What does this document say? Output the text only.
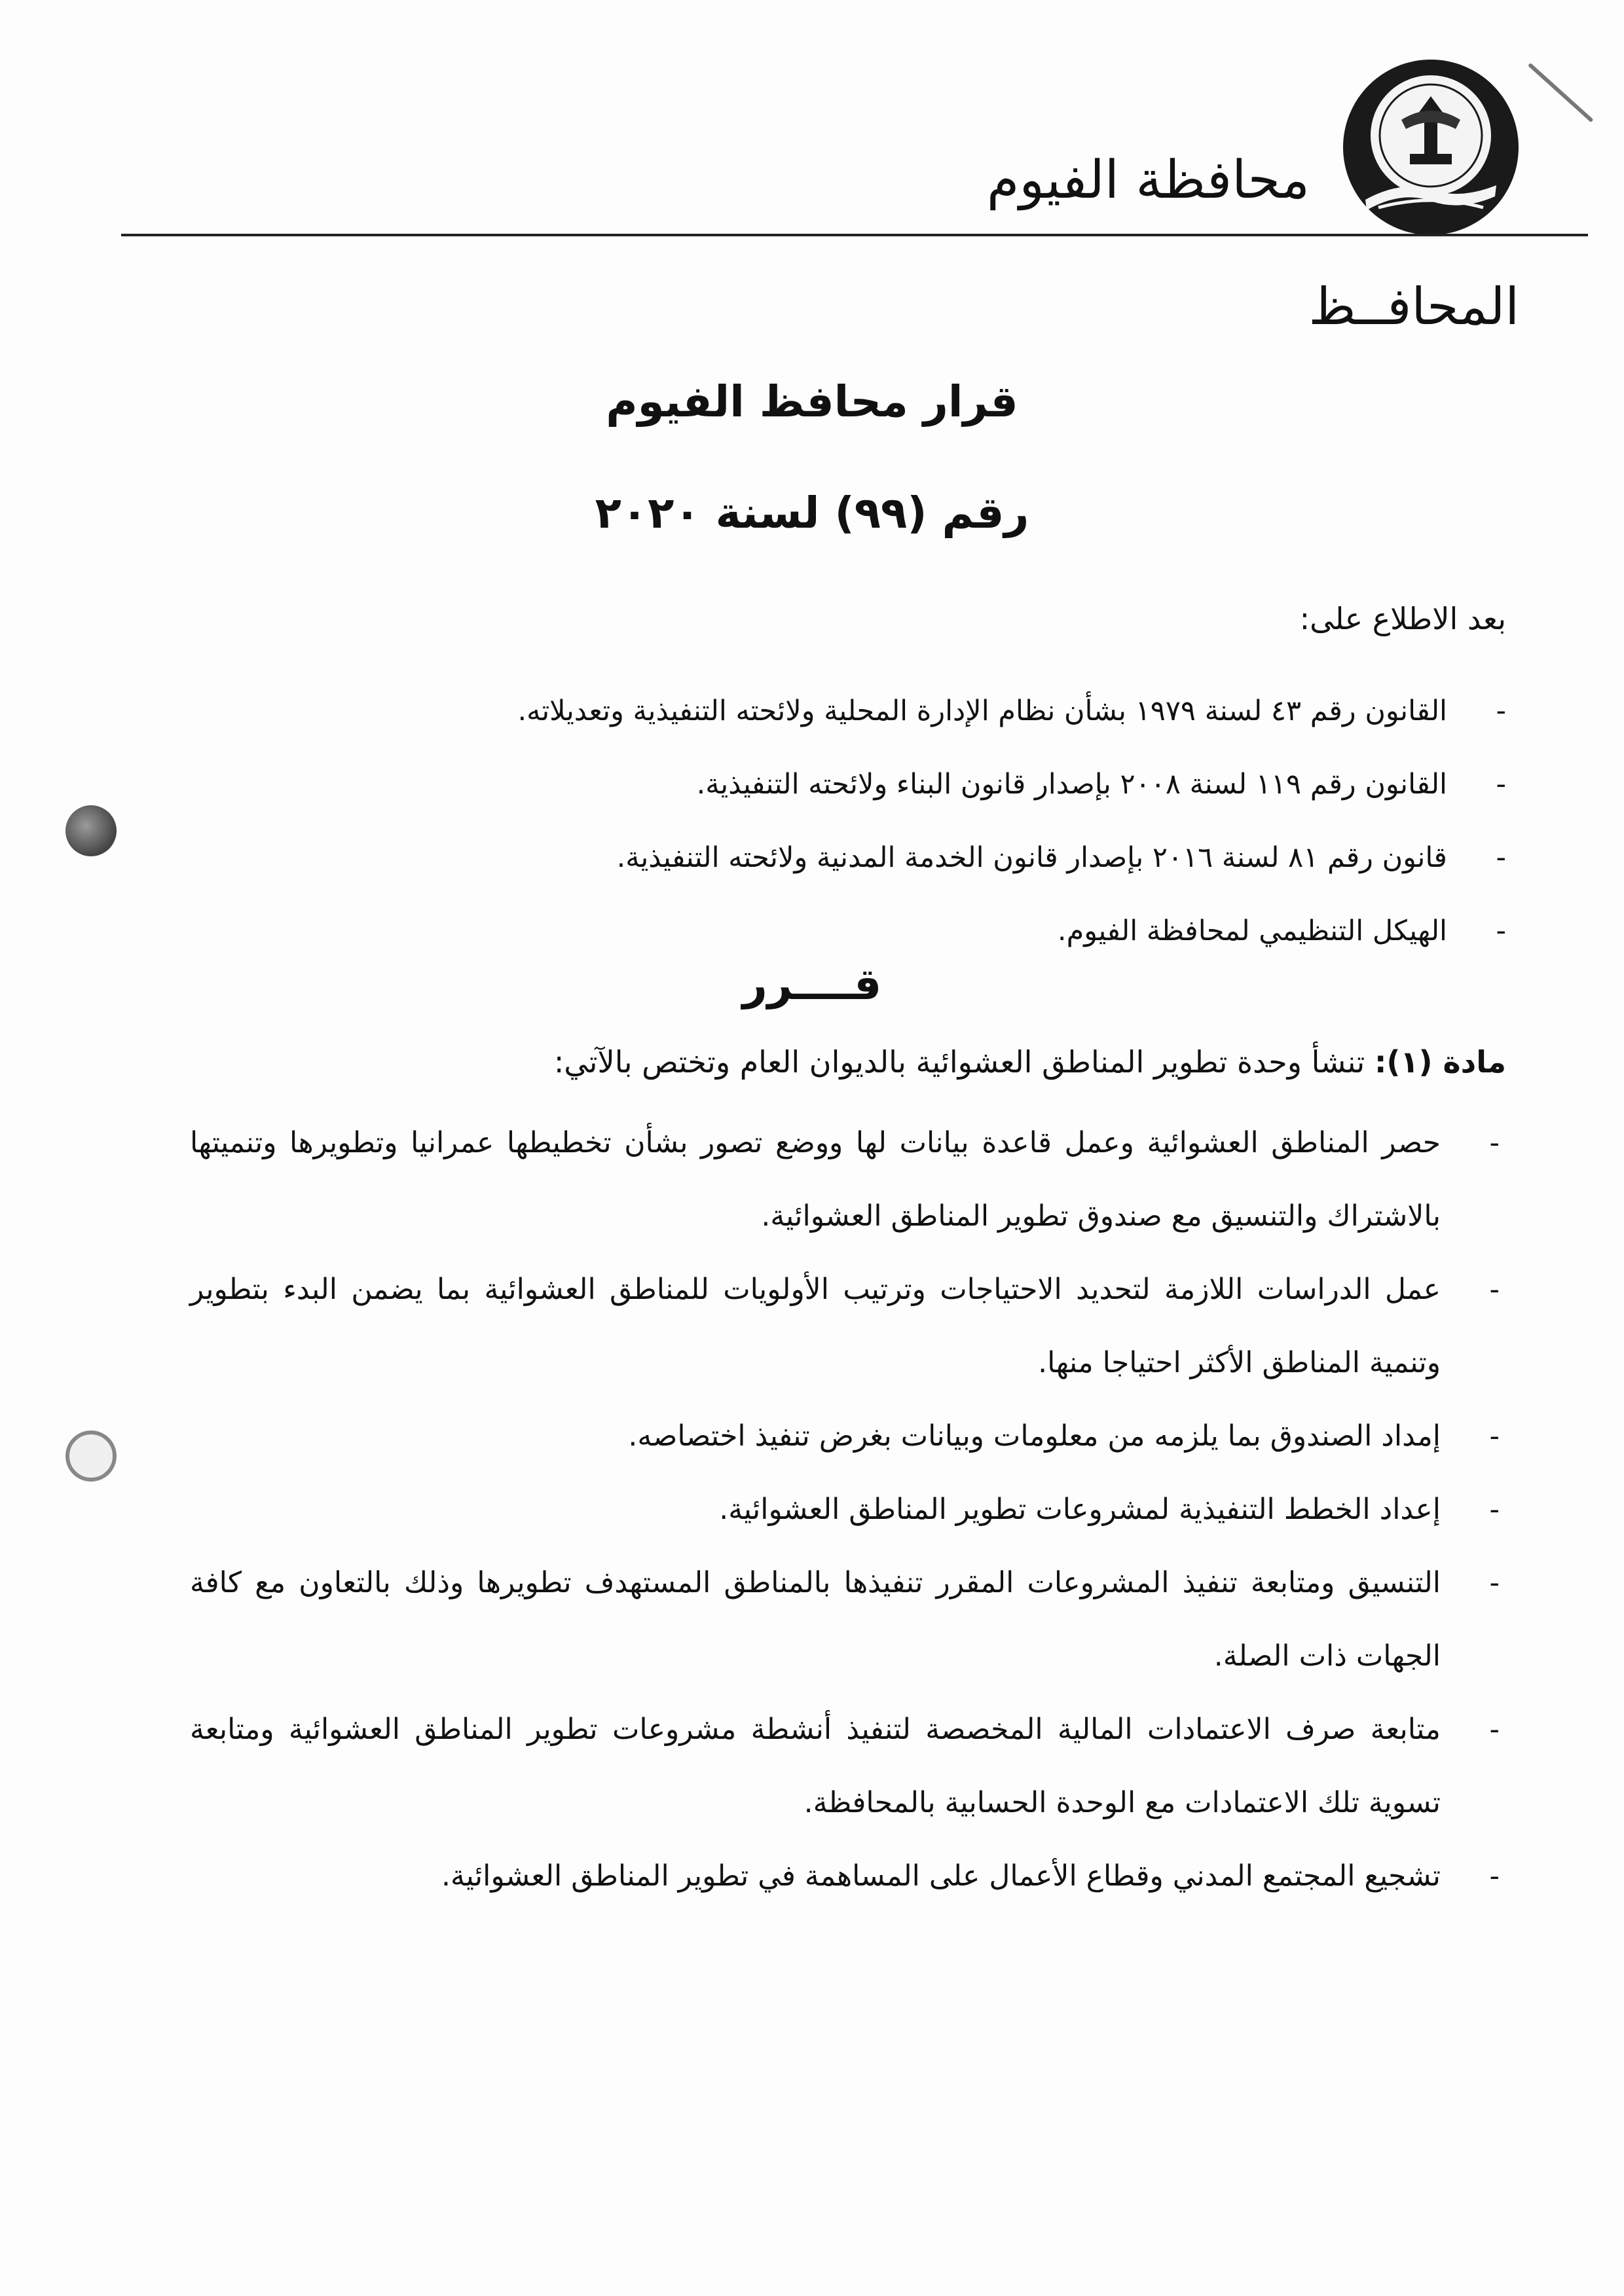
محافظة الفيوم
المحافــظ
قرار محافظ الفيوم
رقم (٩٩) لسنة ٢٠٢٠
بعد الاطلاع على:
-
القانون رقم ٤٣ لسنة ١٩٧٩ بشأن نظام الإدارة المحلية ولائحته التنفيذية وتعديلاته.
-
القانون رقم ١١٩ لسنة ٢٠٠٨ بإصدار قانون البناء ولائحته التنفيذية.
-
قانون رقم ٨١ لسنة ٢٠١٦ بإصدار قانون الخدمة المدنية ولائحته التنفيذية.
-
الهيكل التنظيمي لمحافظة الفيوم.
قــــرر
مادة (١): تنشأ وحدة تطوير المناطق العشوائية بالديوان العام وتختص بالآتي:
-
حصر المناطق العشوائية وعمل قاعدة بيانات لها ووضع تصور بشأن تخطيطها عمرانيا وتطويرها وتنميتها بالاشتراك والتنسيق مع صندوق تطوير المناطق العشوائية.
-
عمل الدراسات اللازمة لتحديد الاحتياجات وترتيب الأولويات للمناطق العشوائية بما يضمن البدء بتطوير وتنمية المناطق الأكثر احتياجا منها.
-
إمداد الصندوق بما يلزمه من معلومات وبيانات بغرض تنفيذ اختصاصه.
-
إعداد الخطط التنفيذية لمشروعات تطوير المناطق العشوائية.
-
التنسيق ومتابعة تنفيذ المشروعات المقرر تنفيذها بالمناطق المستهدف تطويرها وذلك بالتعاون مع كافة الجهات ذات الصلة.
-
متابعة صرف الاعتمادات المالية المخصصة لتنفيذ أنشطة مشروعات تطوير المناطق العشوائية ومتابعة تسوية تلك الاعتمادات مع الوحدة الحسابية بالمحافظة.
-
تشجيع المجتمع المدني وقطاع الأعمال على المساهمة في تطوير المناطق العشوائية.
